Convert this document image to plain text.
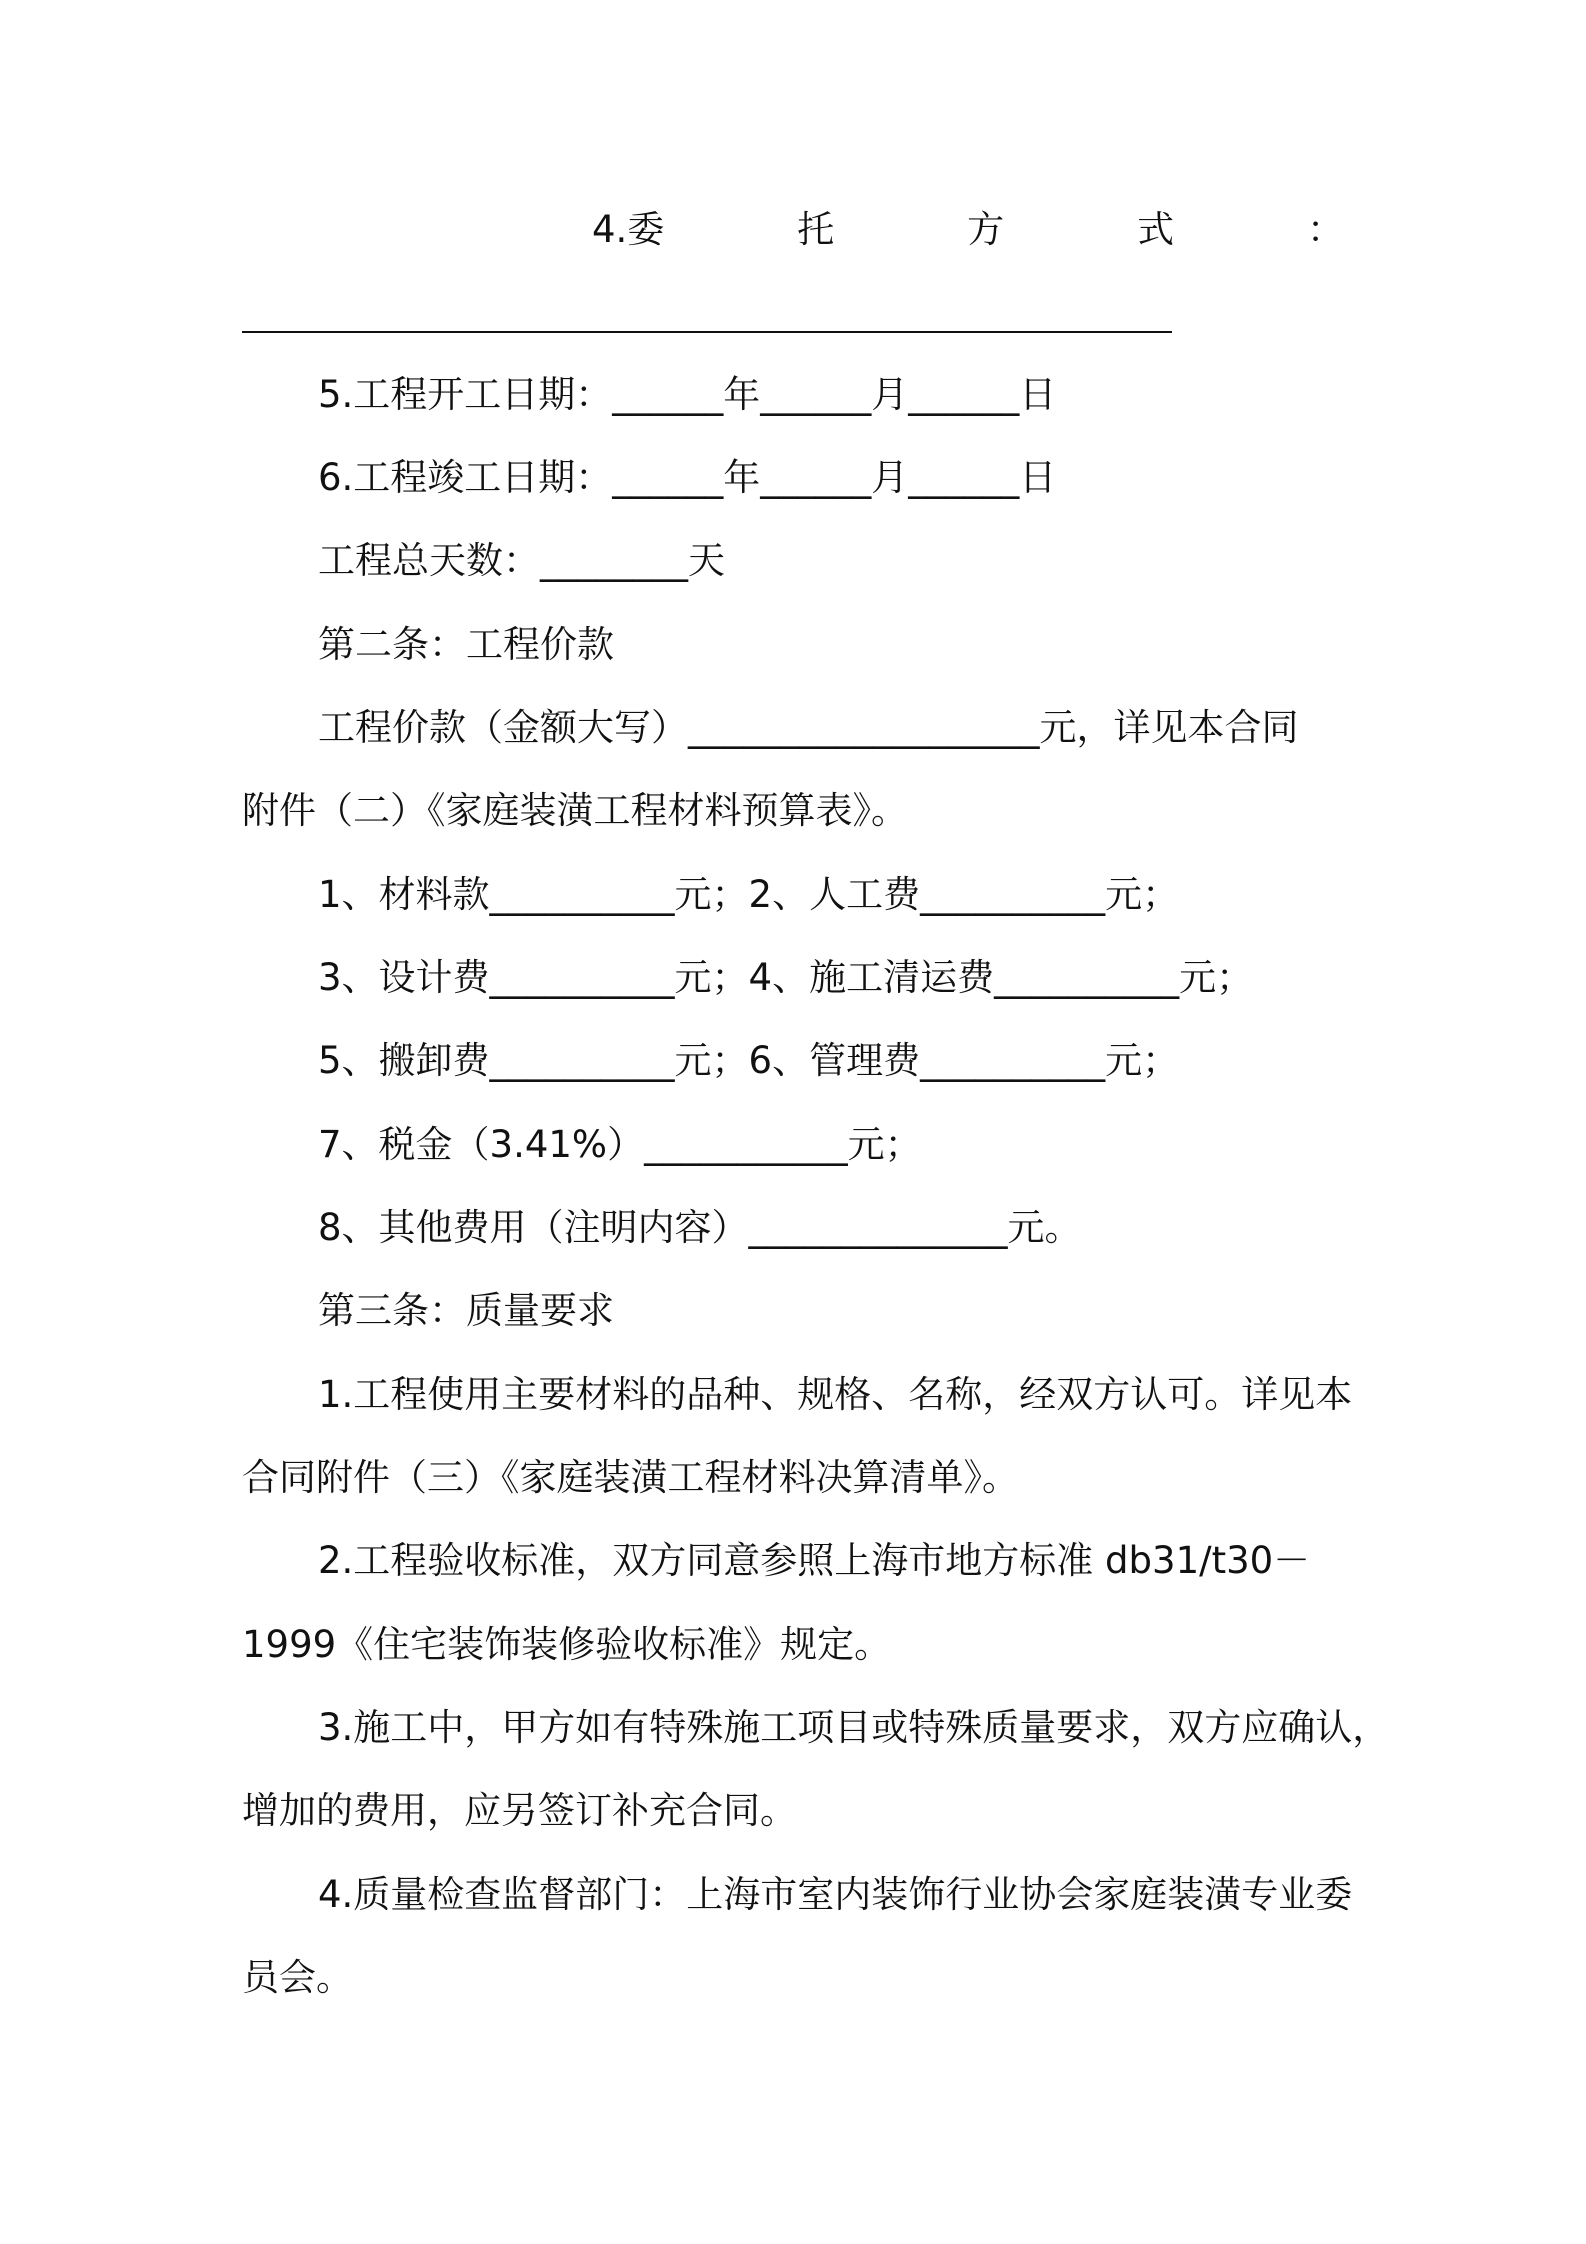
4.委	托	方	式	：
5.工程开工日期：______年______月______日
6.工程竣工日期：______年______月______日
工程总天数：________天
第二条：工程价款
工程价款（金额大写）___________________元，详见本合同
附件（二）《家庭装潢工程材料预算表》。
1、材料款__________元；2、人工费__________元；
3、设计费__________元；4、施工清运费__________元；
5、搬卸费__________元；6、管理费__________元；
7、税金（3.41%）___________元；
8、其他费用（注明内容）______________元。
第三条：质量要求
1.工程使用主要材料的品种、规格、名称，经双方认可。详见本
合同附件（三）《家庭装潢工程材料决算清单》。
2.工程验收标准，双方同意参照上海市地方标准 db31/t30－
1999《住宅装饰装修验收标准》规定。
3.施工中，甲方如有特殊施工项目或特殊质量要求，双方应确认，
增加的费用，应另签订补充合同。
4.质量检查监督部门：上海市室内装饰行业协会家庭装潢专业委
员会。
